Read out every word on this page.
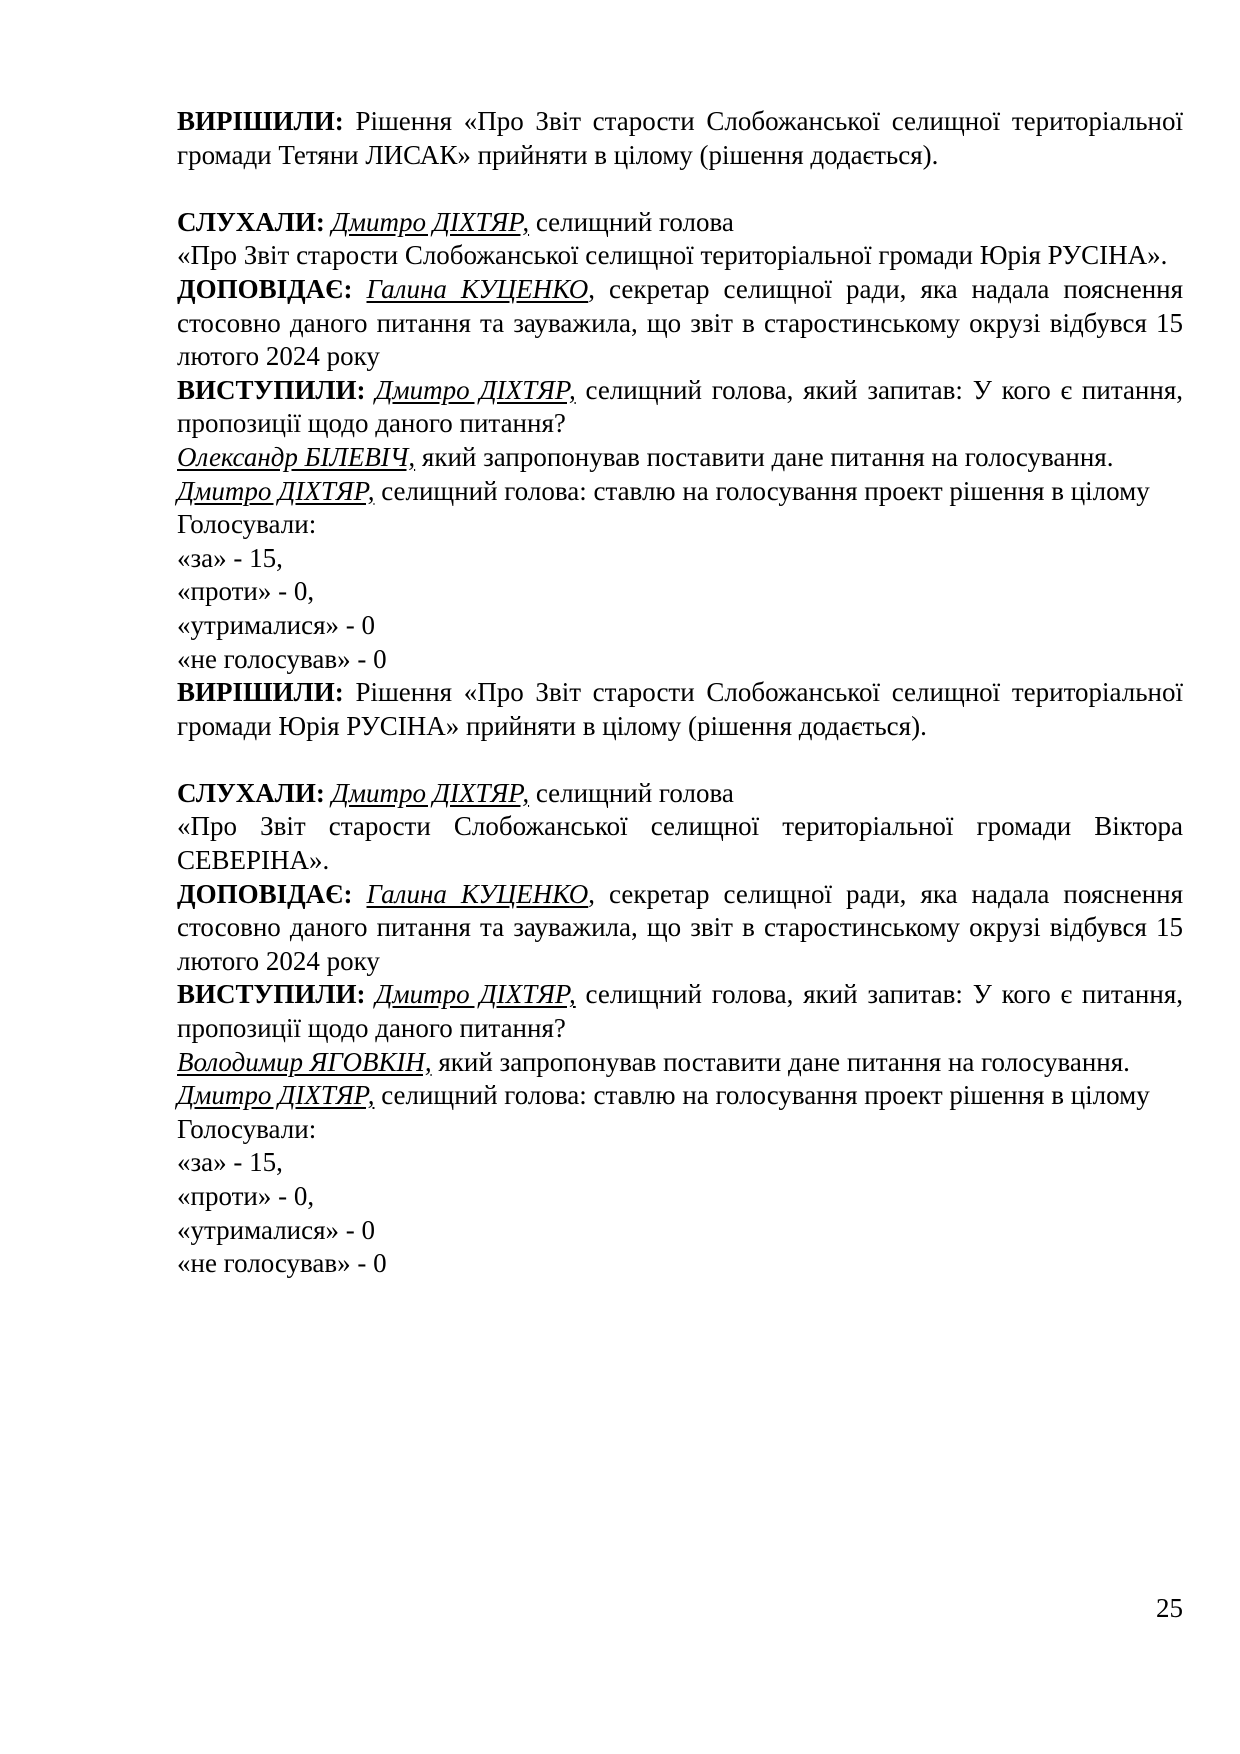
ВИРІШИЛИ: Рішення «Про Звіт старости Слобожанської селищної територіальної громади Тетяни ЛИСАК» прийняти в цілому (рішення додається).

СЛУХАЛИ: Дмитро ДІХТЯР, селищний голова

«Про Звіт старости Слобожанської селищної територіальної громади Юрія РУСІНА».

ДОПОВІДАЄ: Галина КУЦЕНКО, секретар селищної ради, яка надала пояснення стосовно даного питання та зауважила, що звіт в старостинському окрузі відбувся 15 лютого 2024 року

ВИСТУПИЛИ: Дмитро ДІХТЯР, селищний голова, який запитав: У кого є питання, пропозиції щодо даного питання?

Олександр БІЛЕВІЧ, який запропонував поставити дане питання на голосування.

Дмитро ДІХТЯР, селищний голова: ставлю на голосування проект рішення в цілому

Голосували:

«за» - 15,

«проти» - 0,

«утрималися» - 0

«не голосував» - 0

ВИРІШИЛИ: Рішення «Про Звіт старости Слобожанської селищної територіальної громади Юрія РУСІНА» прийняти в цілому (рішення додається).

СЛУХАЛИ: Дмитро ДІХТЯР, селищний голова

«Про Звіт старости Слобожанської селищної територіальної громади Віктора СЕВЕРІНА».

ДОПОВІДАЄ: Галина КУЦЕНКО, секретар селищної ради, яка надала пояснення стосовно даного питання та зауважила, що звіт в старостинському окрузі відбувся 15 лютого 2024 року

ВИСТУПИЛИ: Дмитро ДІХТЯР, селищний голова, який запитав: У кого є питання, пропозиції щодо даного питання?

Володимир ЯГОВКІН, який запропонував поставити дане питання на голосування.

Дмитро ДІХТЯР, селищний голова: ставлю на голосування проект рішення в цілому

Голосували:

«за» - 15,

«проти» - 0,

«утрималися» - 0

«не голосував» - 0

25
